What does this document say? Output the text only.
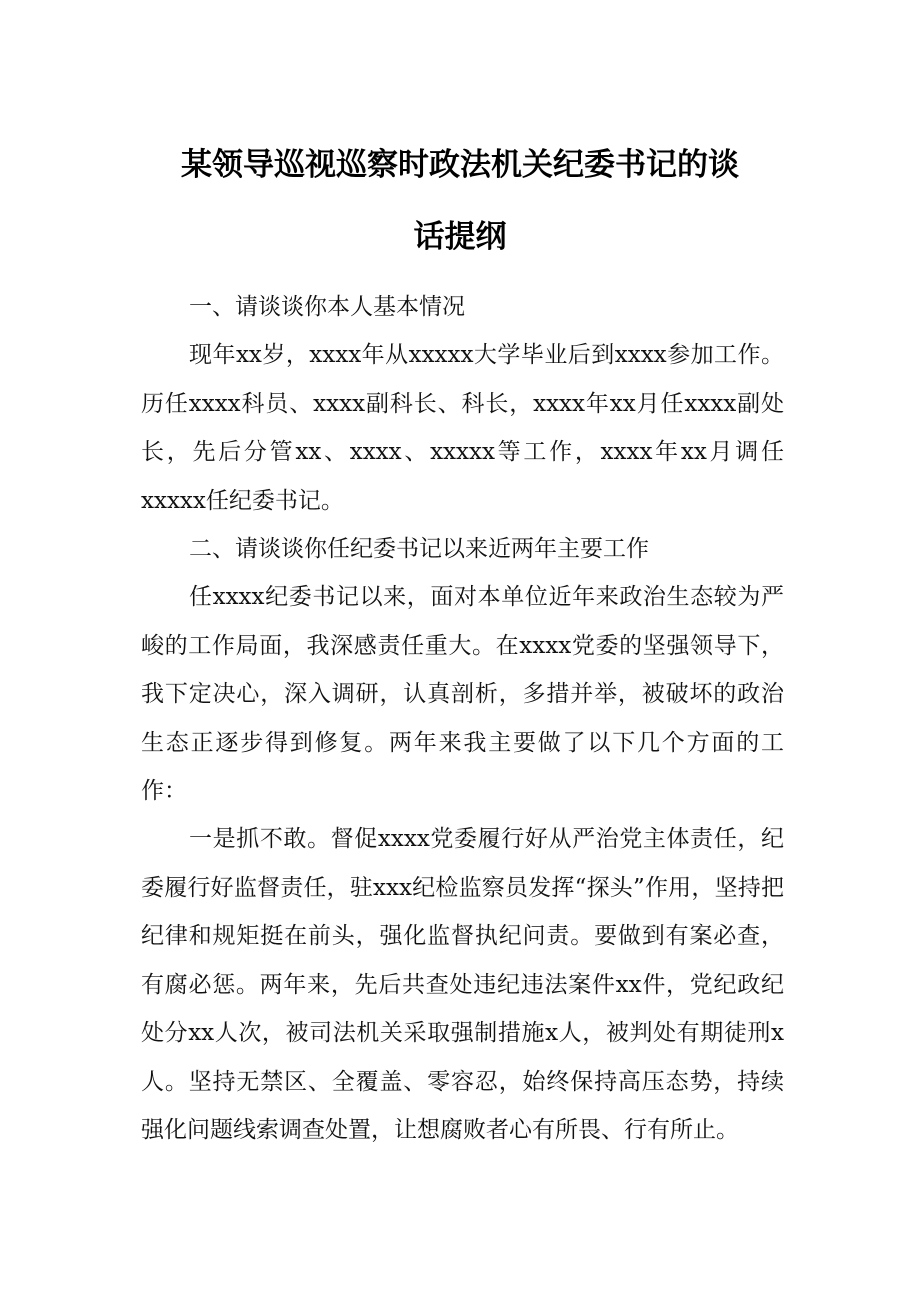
某领导巡视巡察时政法机关纪委书记的谈
话提纲

一、请谈谈你本人基本情况

现年xx岁，xxxx年从xxxxx大学毕业后到xxxx参加工作。历任xxxx科员、xxxx副科长、科长，xxxx年xx月任xxxx副处长，先后分管xx、xxxx、xxxxx等工作，xxxx年xx月调任xxxxx任纪委书记。

二、请谈谈你任纪委书记以来近两年主要工作

任xxxx纪委书记以来，面对本单位近年来政治生态较为严峻的工作局面，我深感责任重大。在xxxx党委的坚强领导下，我下定决心，深入调研，认真剖析，多措并举，被破坏的政治生态正逐步得到修复。两年来我主要做了以下几个方面的工作：

一是抓不敢。督促xxxx党委履行好从严治党主体责任，纪委履行好监督责任，驻xxx纪检监察员发挥“探头”作用，坚持把纪律和规矩挺在前头，强化监督执纪问责。要做到有案必查，有腐必惩。两年来，先后共查处违纪违法案件xx件，党纪政纪处分xx人次，被司法机关采取强制措施x人，被判处有期徒刑x人。坚持无禁区、全覆盖、零容忍，始终保持高压态势，持续强化问题线索调查处置，让想腐败者心有所畏、行有所止。
